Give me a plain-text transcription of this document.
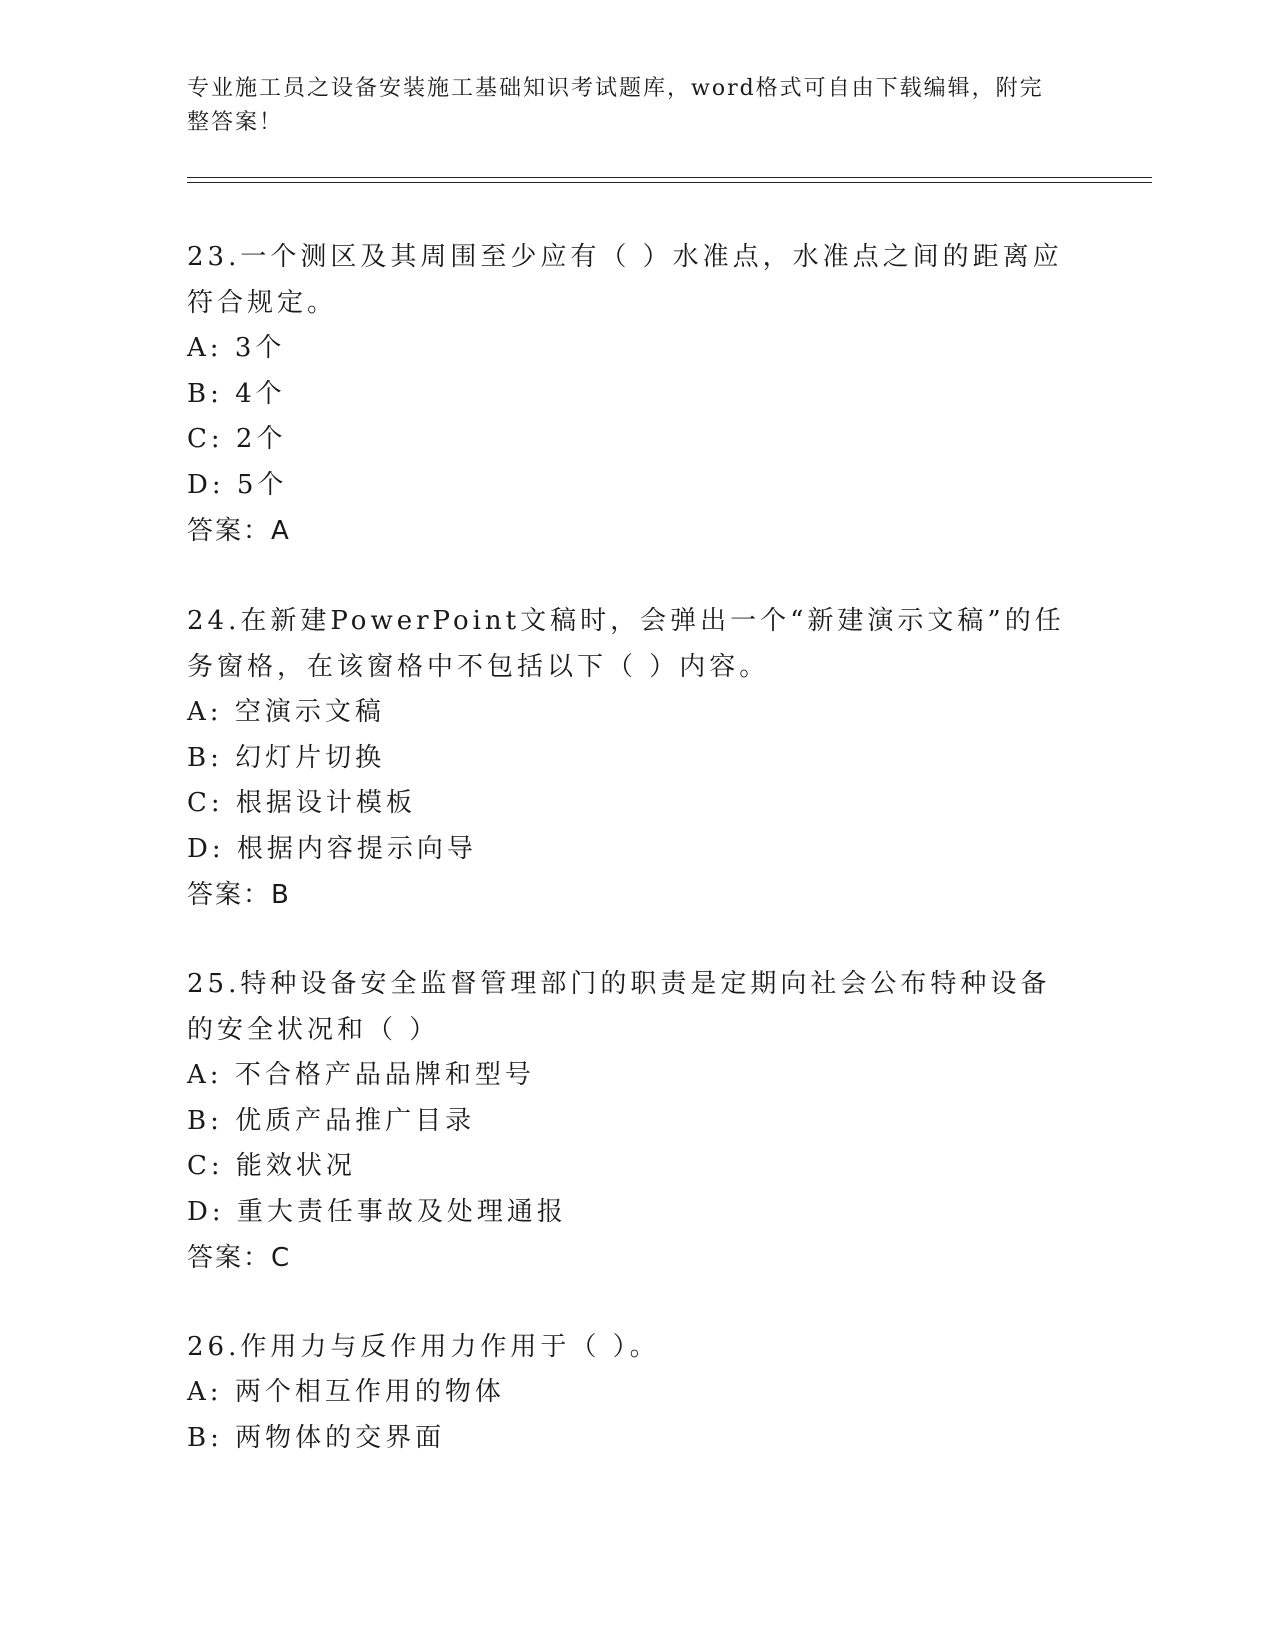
专业施工员之设备安装施工基础知识考试题库，word格式可自由下载编辑，附完整答案！

23.一个测区及其周围至少应有（ ）水准点，水准点之间的距离应符合规定。

A: 3个

B: 4个

C: 2个

D: 5个

答案：A

24.在新建PowerPoint文稿时，会弹出一个“新建演示文稿”的任务窗格，在该窗格中不包括以下（ ）内容。

A: 空演示文稿

B: 幻灯片切换

C: 根据设计模板

D: 根据内容提示向导

答案：B

25.特种设备安全监督管理部门的职责是定期向社会公布特种设备的安全状况和（ ）

A: 不合格产品品牌和型号

B: 优质产品推广目录

C: 能效状况

D: 重大责任事故及处理通报

答案：C

26.作用力与反作用力作用于（ ）。

A: 两个相互作用的物体

B: 两物体的交界面
